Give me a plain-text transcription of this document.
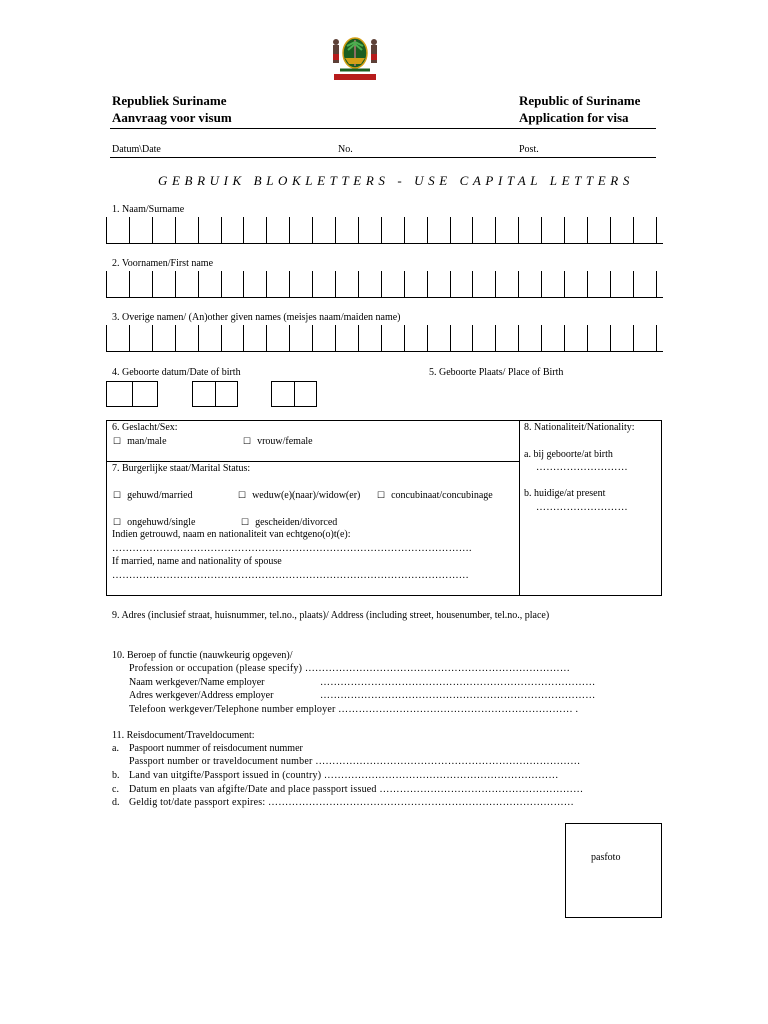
Republiek Suriname
Aanvraag voor visum
Republic of Suriname
Application for visa
Datum\Date	No.	Post.
GEBRUIK BLOKLETTERS - USE CAPITAL LETTERS
1. Naam/Surname
2. Voornamen/First name
3. Overige namen/ (An)other given names (meisjes naam/maiden name)
4. Geboorte datum/Date of birth	5. Geboorte Plaats/ Place of Birth
6. Geslacht/Sex:
☐ man/male	☐ vrouw/female
7. Burgerlijke staat/Marital Status:
☐ gehuwd/married	☐ weduw(e)(naar)/widow(er) ☐ concubinaat/concubinage
☐ ongehuwd/single	☐ gescheiden/divorced
Indien getrouwd, naam en nationaliteit van echtgeno(o)t(e):
…………………………………………………………………………………………….
If married, name and nationality of spouse
……………………………………………………………………………………………
8. Nationaliteit/Nationality:
a. bij geboorte/at birth
………………………
b. huidige/at present
………………………
9. Adres (inclusief straat, huisnummer, tel.no., plaats)/ Address (including street, housenumber, tel.no., place)
10. Beroep of functie (nauwkeurig opgeven)/
Profession or occupation (please specify) ……………………………………………………………………
Naam werkgever/Name employer	………………………………………………………………………
Adres werkgever/Address employer	………………………………………………………………………
Telefoon werkgever/Telephone number employer …………………………………………………………… .
11. Reisdocument/Traveldocument:
a. Paspoort nummer of reisdocument nummer
Passport number or traveldocument number ……………………………………………………………………
b. Land van uitgifte/Passport issued in (country) ……………………………………………………………
c. Datum en plaats van afgifte/Date and place passport issued ……………………………………………………
d. Geldig tot/date passport expires: ………………………………………………………………………………
pasfoto
